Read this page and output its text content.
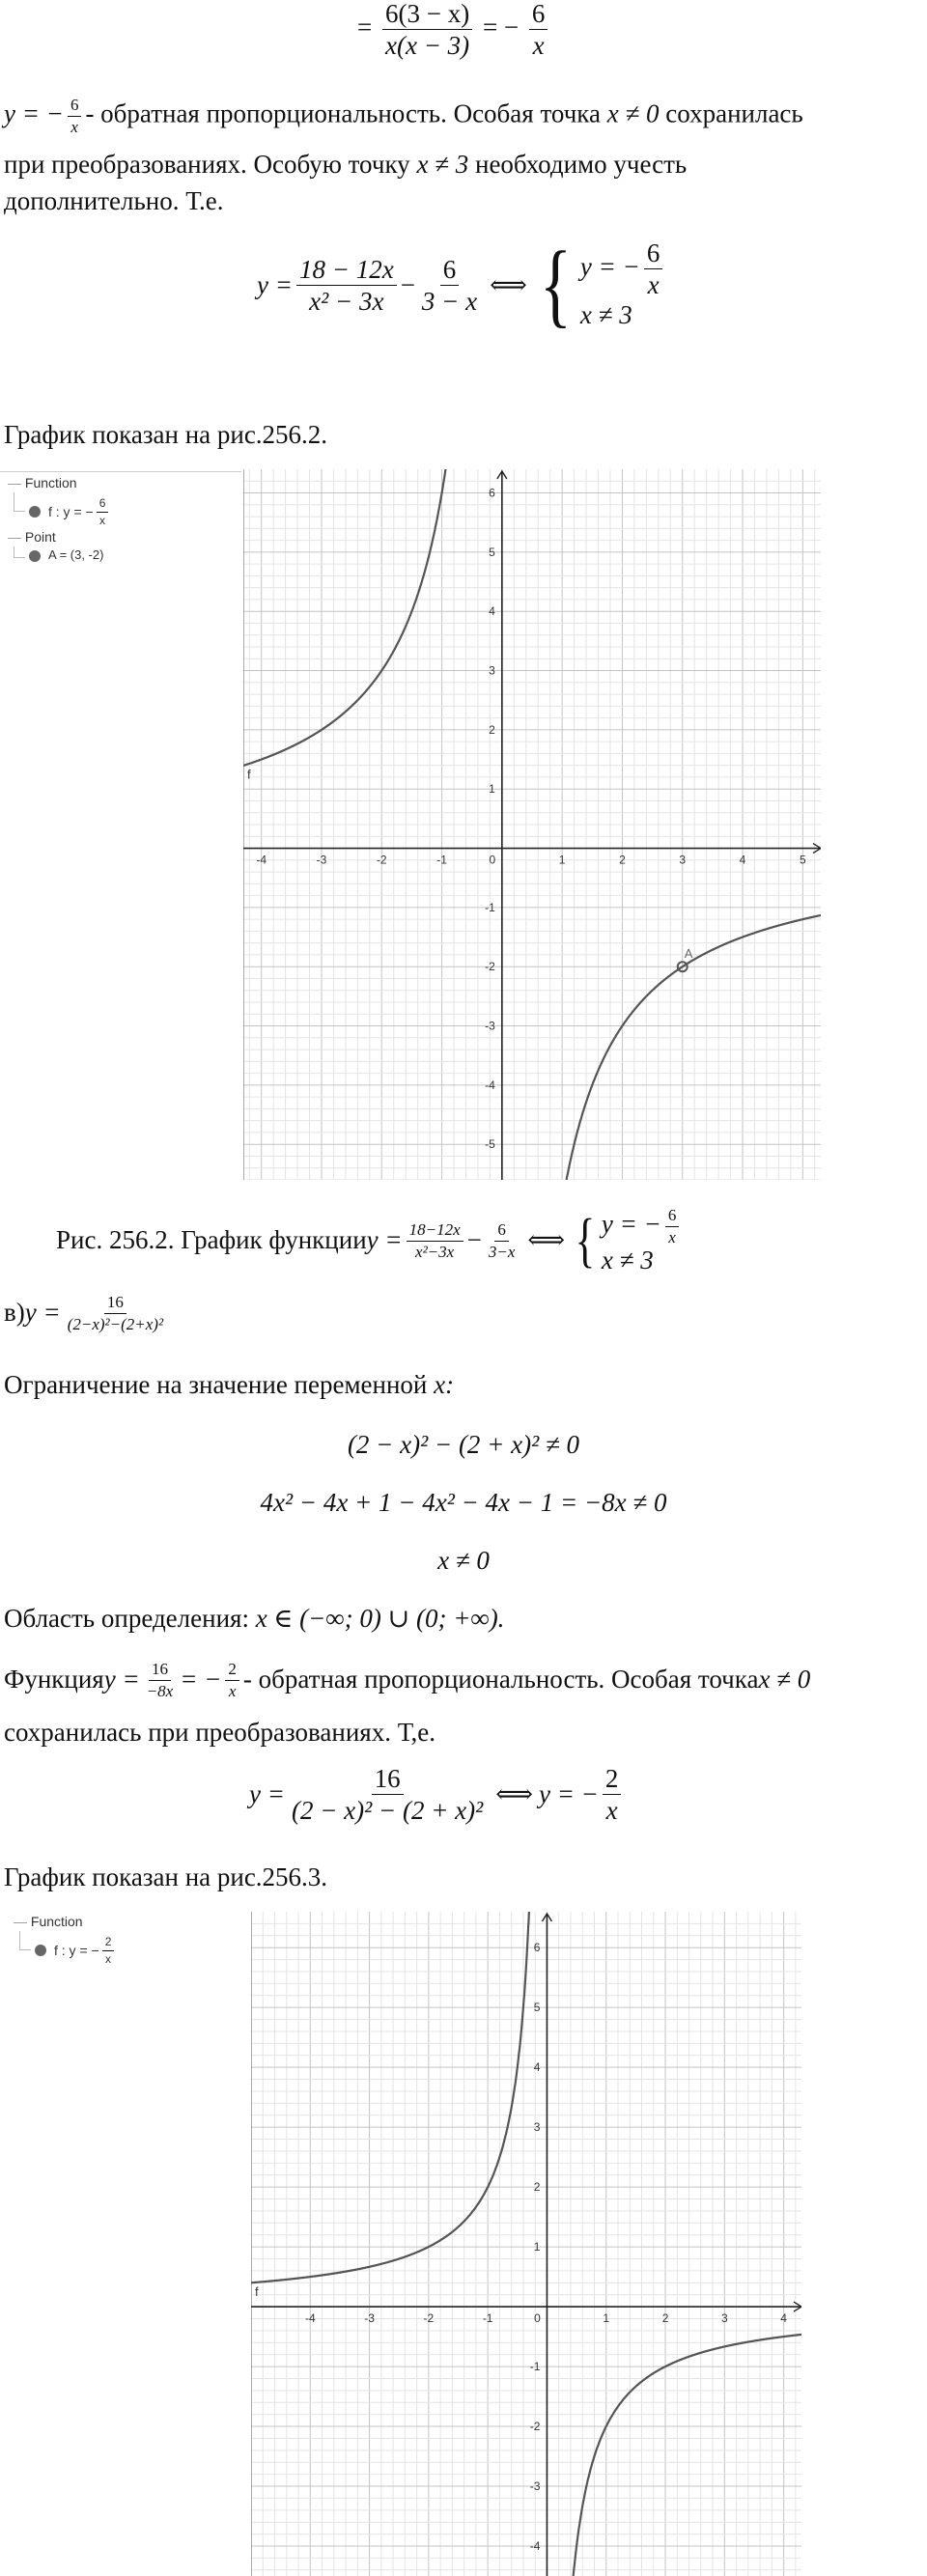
= $\frac{6(3 - x)}{x(x - 3)}$ = − $\frac{6}{x}$
y = − $\frac{6}{x}$ - обратная пропорциональность. Особая точка x ≠ 0 сохранилась
при преобразованиях. Особую точку x ≠ 3 необходимо учесть
дополнительно. Т.е.
$y = \frac{18 - 12x}{\text{x² − 3x}} - \frac{6}{3 - x}$ ⟺ { y = − $\frac{6}{x}$
x ≠ 3
График показан на рис.256.2.
— Function
f : y = − $\frac{6}{x}$
— Point
A = (3, -2)
-4	-3	-2	-1	0	1	2	3	4	5
6
5
4
3
2
1
-1
-2
-3
-4
-5
f
A
Рис. 256.2. График функции $y = \frac{18-12x}{\text{x²−3x}} - \frac{6}{3-x}$ ⟺ { y = − $\frac{6}{x}$
x ≠ 3
в) $y = \frac{16}{\text{(2−x)²−(2+x)²}}$
Ограничение на значение переменной x:
(2 − x)² − (2 + x)² ≠ 0
4x² − 4x + 1 − 4x² − 4x − 1 = −8x ≠ 0
x ≠ 0
Область определения: x ∈ (−∞; 0) ∪ (0; +∞).
Функция $y = \frac{16}{-8x}$ = − $\frac{2}{x}$ - обратная пропорциональность. Особая точка x ≠ 0
сохранилась при преобразованиях. Т,е.
$y = \frac{16}{\text{(2 − x)² − (2 + x)²}}$ ⟺ y = − $\frac{2}{x}$
График показан на рис.256.3.
— Function
f : y = − $\frac{2}{x}$
-4	-3	-2	-1	0	1	2	3	4
6
5
4
3
2
1
-1
-2
-3
-4
f
